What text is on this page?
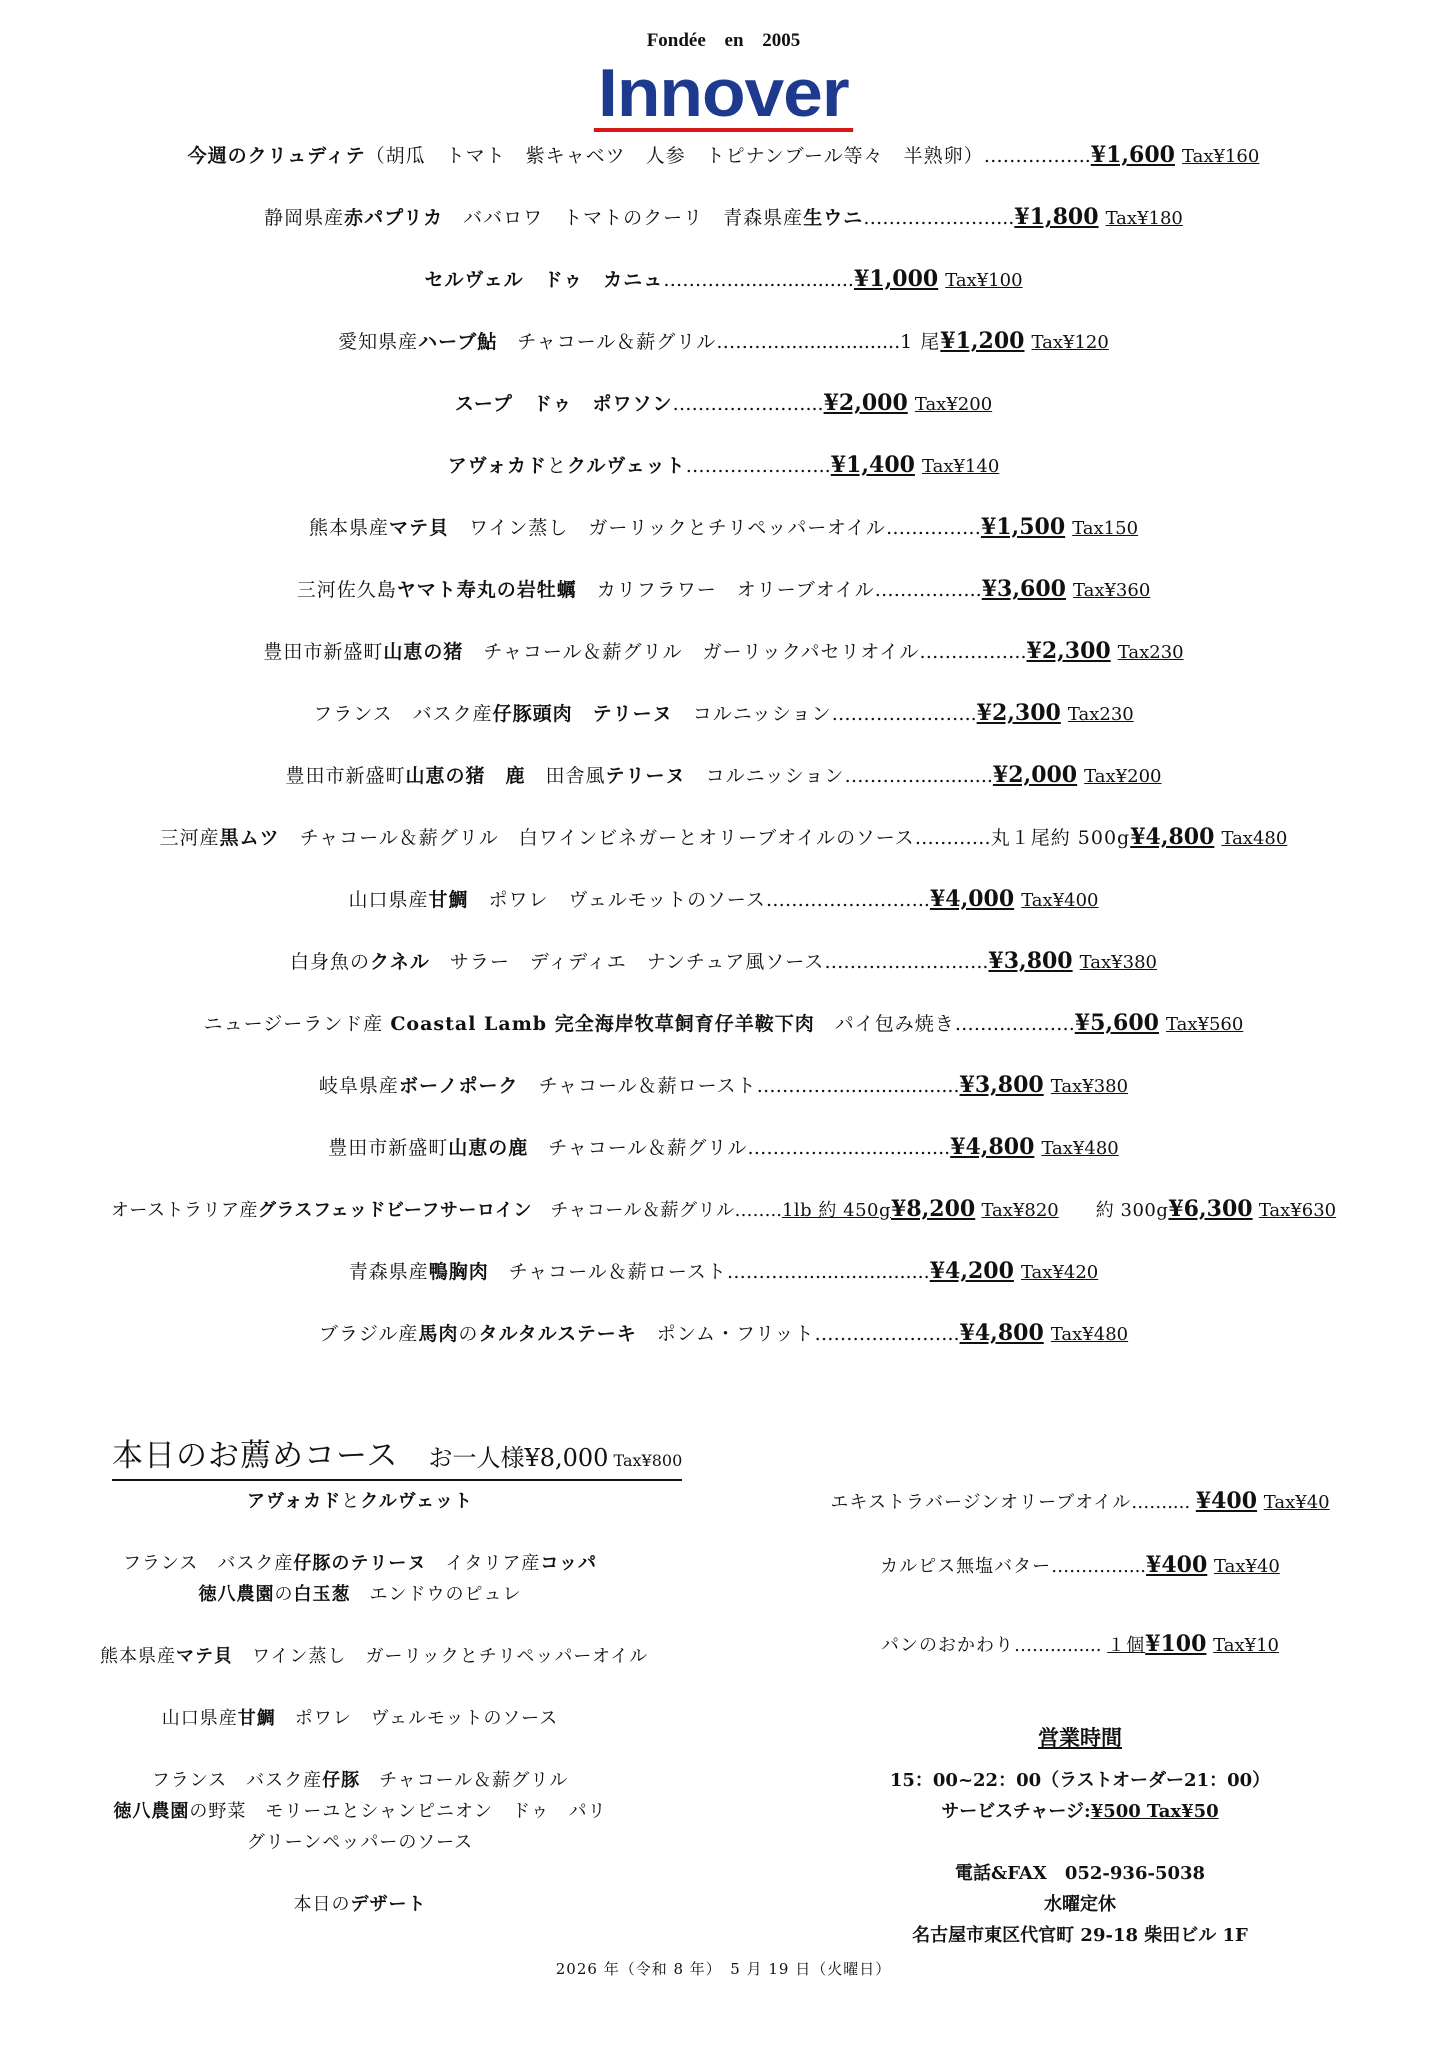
Fondée en 2005
Innover
今週のクリュディテ（胡瓜　トマト　紫キャベツ　人参　トピナンブール等々　半熟卵）……………..¥1,600 Tax¥160
静岡県産赤パプリカ　ババロワ　トマトのクーリ　青森県産生ウニ…………………...¥1,800 Tax¥180
セルヴェル　ドゥ　カニュ…………...................¥1,000 Tax¥100
愛知県産ハーブ鮎　チャコール＆薪グリル……….....................1 尾¥1,200 Tax¥120
スープ　ドゥ　ポワソン…………………...¥2,000 Tax¥200
アヴォカドとクルヴェット…………………..¥1,400 Tax¥140
熊本県産マテ貝　ワイン蒸し　ガーリックとチリペッパーオイル……………¥1,500 Tax150
三河佐久島ヤマト寿丸の岩牡蠣　カリフラワー　オリーブオイル……………..¥3,600 Tax¥360
豊田市新盛町山恵の猪　チャコール＆薪グリル　ガーリックパセリオイル……………..¥2,300 Tax230
フランス　バスク産仔豚頭肉　テリーヌ　コルニッション…………………..¥2,300 Tax230
豊田市新盛町山恵の猪　鹿　田舎風テリーヌ　コルニッション…………............¥2,000 Tax¥200
三河産黒ムツ　チャコール＆薪グリル　白ワインビネガーとオリーブオイルのソース…………丸１尾約 500g¥4,800 Tax480
山口県産甘鯛　ポワレ　ヴェルモットのソース……………………..¥4,000 Tax¥400
白身魚のクネル　サラー　ディディエ　ナンチュア風ソース……………………..¥3,800 Tax¥380
ニュージーランド産 Coastal Lamb 完全海岸牧草飼育仔羊鞍下肉　パイ包み焼き……………….¥5,600 Tax¥560
岐阜県産ボーノポーク　チャコール＆薪ロースト………….....................¥3,800 Tax¥380
豊田市新盛町山恵の鹿　チャコール＆薪グリル………….....................¥4,800 Tax¥480
オーストラリア産グラスフェッドビーフサーロイン　チャコール＆薪グリル……..1lb 約 450g¥8,200 Tax¥820　　 約 300g¥6,300 Tax¥630
青森県産鴨胸肉　チャコール＆薪ロースト………….....................¥4,200 Tax¥420
ブラジル産馬肉のタルタルステーキ　ポンム・フリット…………………..¥4,800 Tax¥480
本日のお薦めコース お一人様¥8,000 Tax¥800
アヴォカドとクルヴェット
フランス　バスク産仔豚のテリーヌ　イタリア産コッパ
徳八農園の白玉葱　エンドウのピュレ
熊本県産マテ貝　ワイン蒸し　ガーリックとチリペッパーオイル
山口県産甘鯛　ポワレ　ヴェルモットのソース
フランス　バスク産仔豚　チャコール＆薪グリル
徳八農園の野菜　モリーユとシャンピニオン　ドゥ　パリ
グリーンペッパーのソース
本日のデザート
エキストラバージンオリーブオイル…….... ¥400 Tax¥40
カルピス無塩バター…………....¥400 Tax¥40
パンのおかわり……......... １個¥100 Tax¥10
営業時間
15：00~22：00（ラストオーダー21：00）
サービスチャージ:¥500 Tax¥50
電話&FAX　052-936-5038
水曜定休
名古屋市東区代官町 29-18 柴田ビル 1F
2026 年（令和 8 年）　5 月 19 日（火曜日）
